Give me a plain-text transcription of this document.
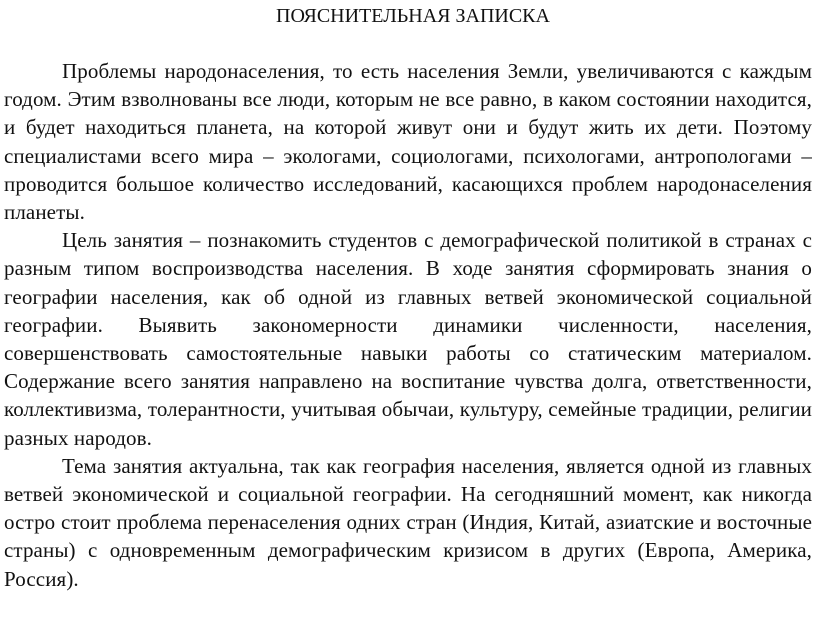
ПОЯСНИТЕЛЬНАЯ ЗАПИСКА

Проблемы народонаселения, то есть населения Земли, увеличиваются с каждым годом. Этим взволнованы все люди, которым не все равно, в каком состоянии находится, и будет находиться планета, на которой живут они и будут жить их дети. Поэтому специалистами всего мира – экологами, социологами, психологами, антропологами – проводится большое количество исследований, касающихся проблем народонаселения планеты.

Цель занятия – познакомить студентов с демографической политикой в странах с разным типом воспроизводства населения. В ходе занятия сформировать знания о географии населения, как об одной из главных ветвей экономической социальной географии. Выявить закономерности динамики численности, населения, совершенствовать самостоятельные навыки работы со статическим материалом. Содержание всего занятия направлено на воспитание чувства долга, ответственности, коллективизма, толерантности, учитывая обычаи, культуру, семейные традиции, религии разных народов.

Тема занятия актуальна, так как география населения, является одной из главных ветвей экономической и социальной географии. На сегодняшний момент, как никогда остро стоит проблема перенаселения одних стран (Индия, Китай, азиатские и восточные страны) с одновременным демографическим кризисом в других (Европа, Америка, Россия).
